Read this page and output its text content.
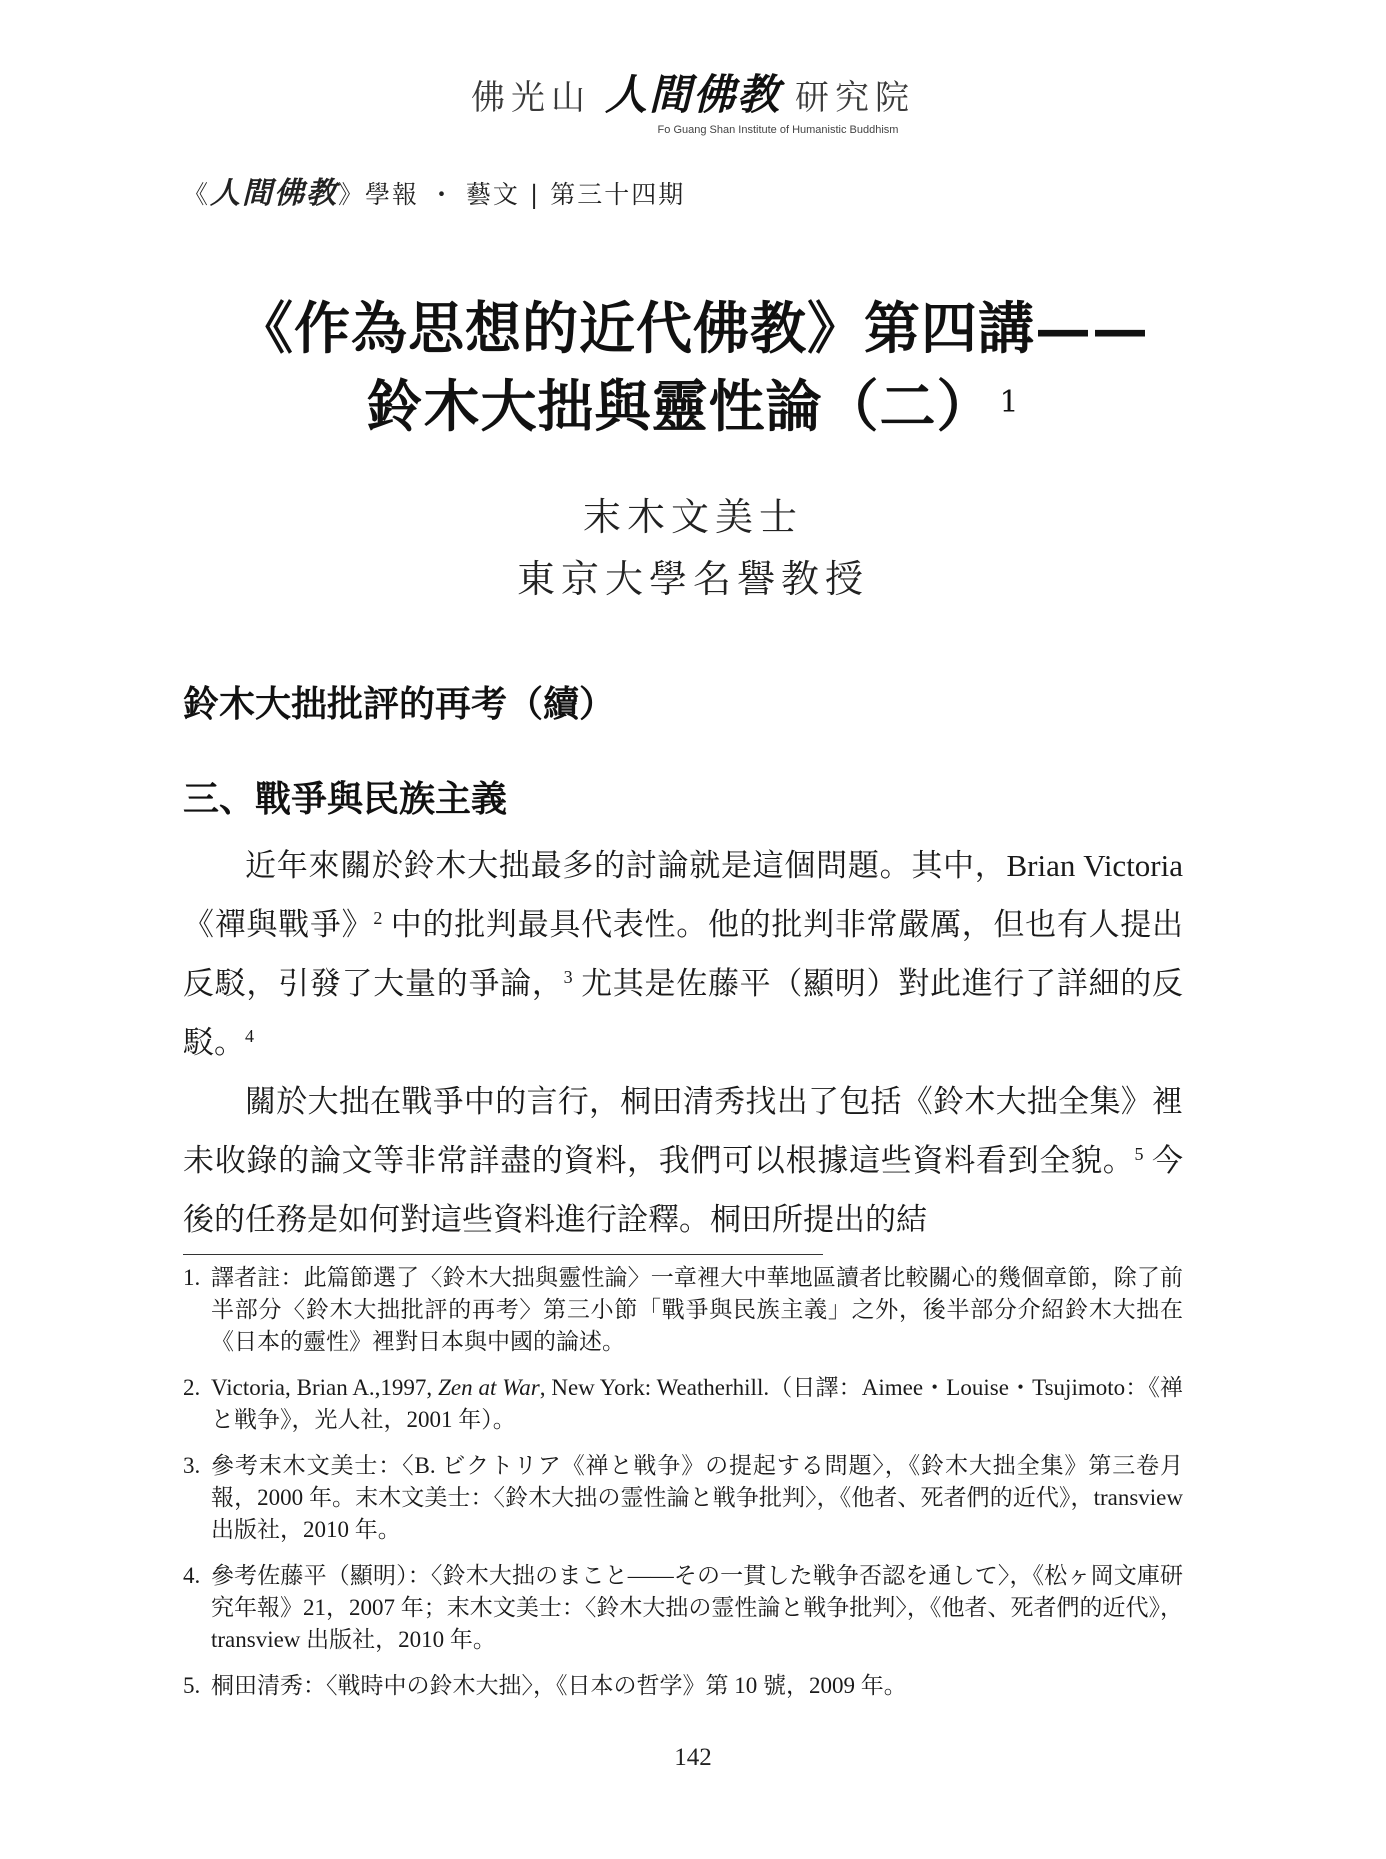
佛光山 人間佛教 研究院
Fo Guang Shan Institute of Humanistic Buddhism
《人間佛教》學報 ・ 藝文 | 第三十四期
《作為思想的近代佛教》第四講——
鈴木大拙與靈性論（二） $^1$
末木文美士
東京大學名譽教授
鈴木大拙批評的再考（續）
三、戰爭與民族主義

近年來關於鈴木大拙最多的討論就是這個問題。其中，Brian Victoria《禪與戰爭》$^2$ 中的批判最具代表性。他的批判非常嚴厲，但也有人提出反駁，引發了大量的爭論，$^3$ 尤其是佐藤平（顯明）對此進行了詳細的反駁。$^4$

關於大拙在戰爭中的言行，桐田清秀找出了包括《鈴木大拙全集》裡未收錄的論文等非常詳盡的資料，我們可以根據這些資料看到全貌。$^5$ 今後的任務是如何對這些資料進行詮釋。桐田所提出的結

1. 譯者註：此篇節選了〈鈴木大拙與靈性論〉一章裡大中華地區讀者比較關心的幾個章節，除了前半部分〈鈴木大拙批評的再考〉第三小節「戰爭與民族主義」之外，後半部分介紹鈴木大拙在《日本的靈性》裡對日本與中國的論述。
2. Victoria, Brian A.,1997, Zen at War, New York: Weatherhill.（日譯：Aimee・Louise・Tsujimoto：《禅と戦争》，光人社，2001 年）。
3. 參考末木文美士：〈B. ビクトリア《禅と戦争》の提起する問題〉，《鈴木大拙全集》第三卷月報，2000 年。末木文美士：〈鈴木大拙の霊性論と戦争批判〉，《他者、死者們的近代》，transview 出版社，2010 年。
4. 參考佐藤平（顯明）：〈鈴木大拙のまこと——その一貫した戦争否認を通して〉，《松ヶ岡文庫研究年報》21，2007 年；末木文美士：〈鈴木大拙の霊性論と戦争批判〉，《他者、死者們的近代》，transview 出版社，2010 年。
5. 桐田清秀：〈戦時中の鈴木大拙〉，《日本の哲学》第 10 號，2009 年。
142
